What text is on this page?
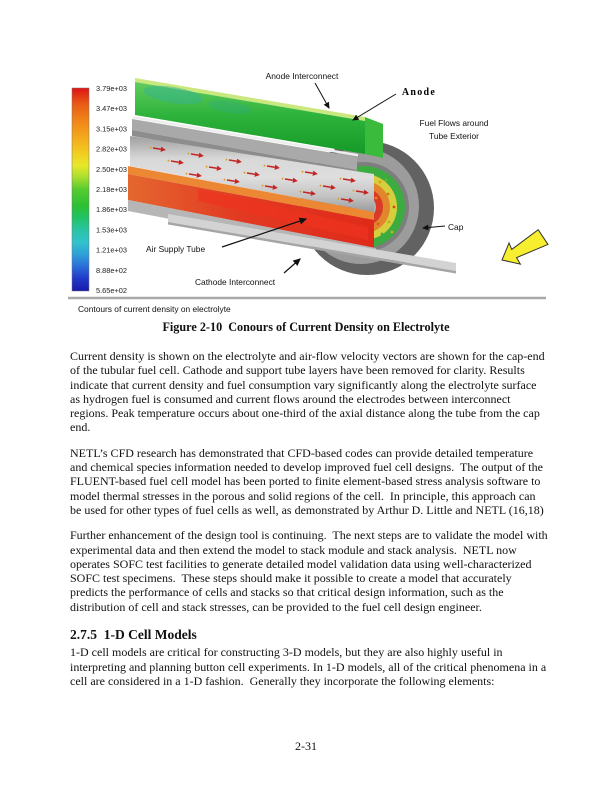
3.79e+03
3.47e+03
3.15e+03
2.82e+03
2.50e+03
2.18e+03
1.86e+03
1.53e+03
1.21e+03
8.88e+02
5.65e+02
Anode Interconnect
Anode
Fuel Flows around
Tube Exterior
Cap
Air Supply Tube
Cathode Interconnect
Contours of current density on electrolyte
Figure 2-10  Conours of Current Density on Electrolyte

Current density is shown on the electrolyte and air-flow velocity vectors are shown for the cap-end of the tubular fuel cell. Cathode and support tube layers have been removed for clarity. Results indicate that current density and fuel consumption vary significantly along the electrolyte surface as hydrogen fuel is consumed and current flows around the electrodes between interconnect regions. Peak temperature occurs about one-third of the axial distance along the tube from the cap end.

NETL’s CFD research has demonstrated that CFD-based codes can provide detailed temperature and chemical species information needed to develop improved fuel cell designs.  The output of the FLUENT-based fuel cell model has been ported to finite element-based stress analysis software to model thermal stresses in the porous and solid regions of the cell.  In principle, this approach can be used for other types of fuel cells as well, as demonstrated by Arthur D. Little and NETL (16,18)

Further enhancement of the design tool is continuing.  The next steps are to validate the model with experimental data and then extend the model to stack module and stack analysis.  NETL now operates SOFC test facilities to generate detailed model validation data using well-characterized SOFC test specimens.  These steps should make it possible to create a model that accurately predicts the performance of cells and stacks so that critical design information, such as the distribution of cell and stack stresses, can be provided to the fuel cell design engineer.

2.7.5  1-D Cell Models

1-D cell models are critical for constructing 3-D models, but they are also highly useful in interpreting and planning button cell experiments. In 1-D models, all of the critical phenomena in a cell are considered in a 1-D fashion.  Generally they incorporate the following elements:

2-31
